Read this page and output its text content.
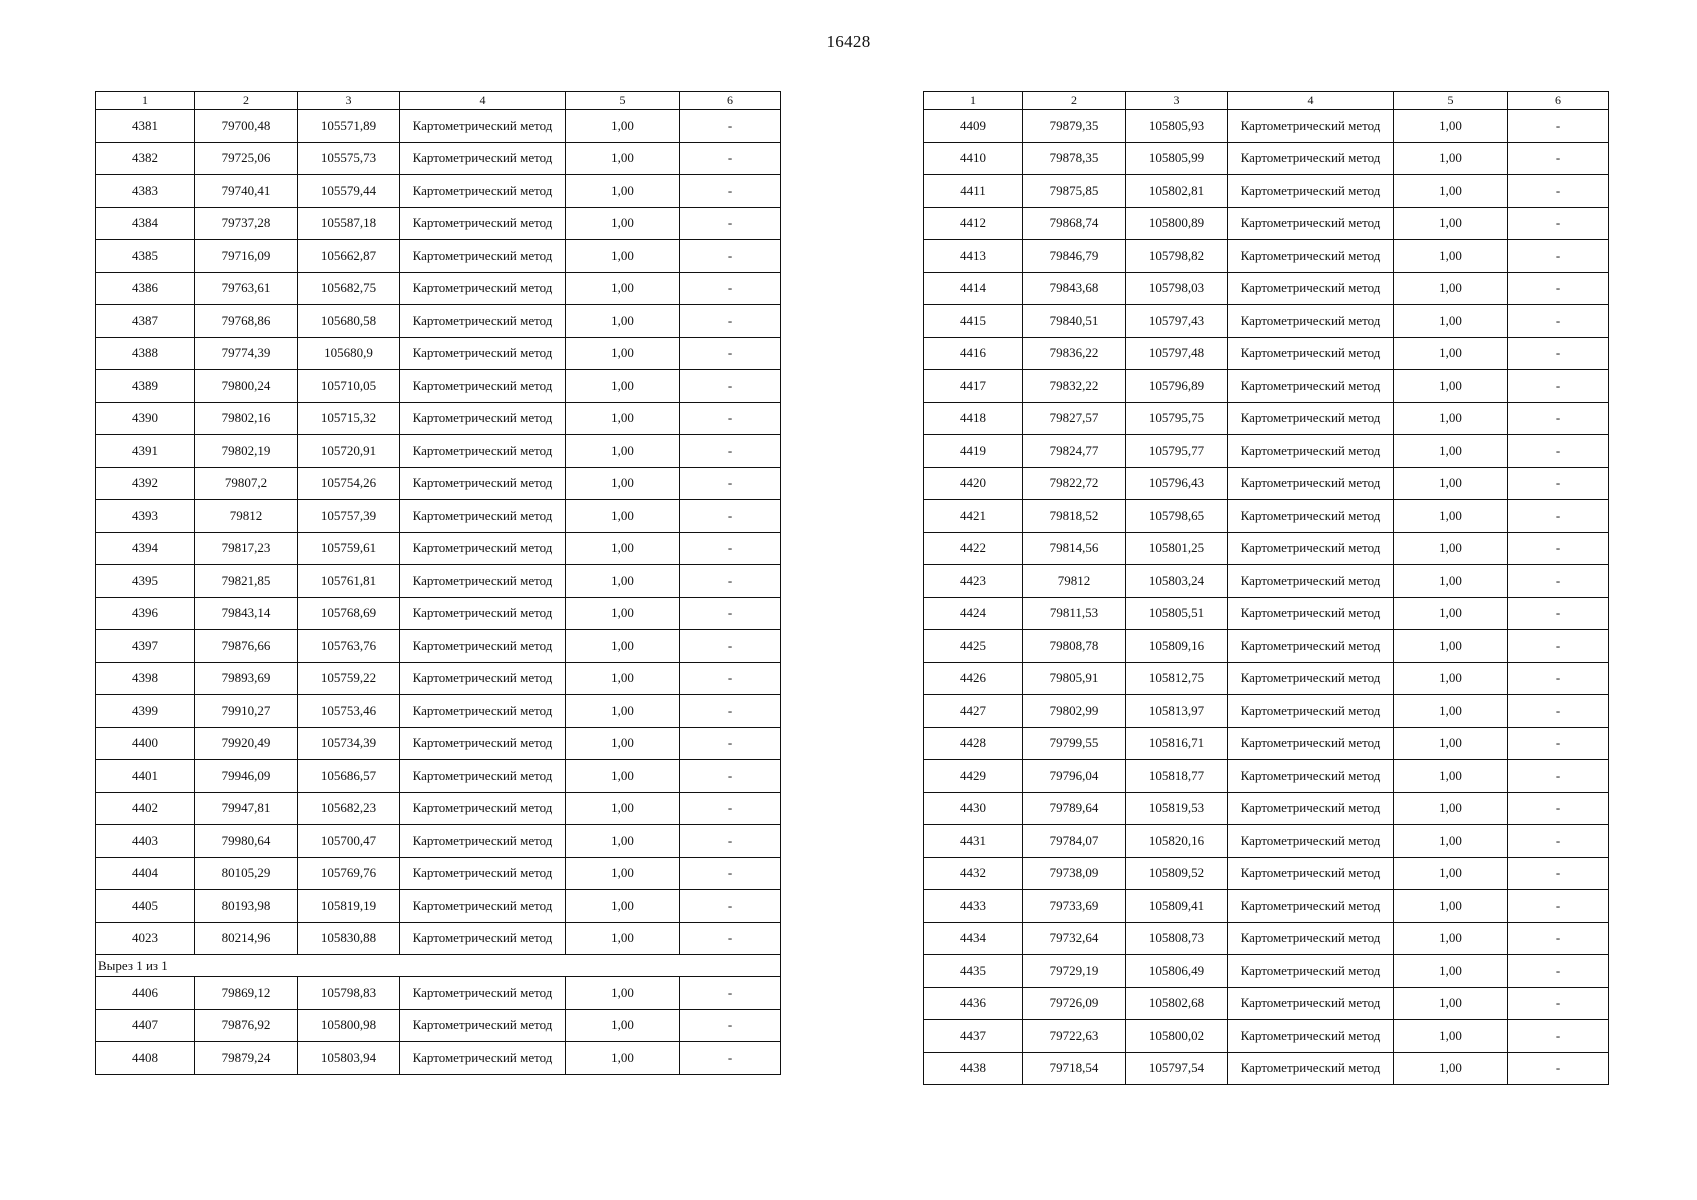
16428
1	2	3	4	5	6
4381	79700,48	105571,89	Картометрический метод	1,00	-
4382	79725,06	105575,73	Картометрический метод	1,00	-
4383	79740,41	105579,44	Картометрический метод	1,00	-
4384	79737,28	105587,18	Картометрический метод	1,00	-
4385	79716,09	105662,87	Картометрический метод	1,00	-
4386	79763,61	105682,75	Картометрический метод	1,00	-
4387	79768,86	105680,58	Картометрический метод	1,00	-
4388	79774,39	105680,9	Картометрический метод	1,00	-
4389	79800,24	105710,05	Картометрический метод	1,00	-
4390	79802,16	105715,32	Картометрический метод	1,00	-
4391	79802,19	105720,91	Картометрический метод	1,00	-
4392	79807,2	105754,26	Картометрический метод	1,00	-
4393	79812	105757,39	Картометрический метод	1,00	-
4394	79817,23	105759,61	Картометрический метод	1,00	-
4395	79821,85	105761,81	Картометрический метод	1,00	-
4396	79843,14	105768,69	Картометрический метод	1,00	-
4397	79876,66	105763,76	Картометрический метод	1,00	-
4398	79893,69	105759,22	Картометрический метод	1,00	-
4399	79910,27	105753,46	Картометрический метод	1,00	-
4400	79920,49	105734,39	Картометрический метод	1,00	-
4401	79946,09	105686,57	Картометрический метод	1,00	-
4402	79947,81	105682,23	Картометрический метод	1,00	-
4403	79980,64	105700,47	Картометрический метод	1,00	-
4404	80105,29	105769,76	Картометрический метод	1,00	-
4405	80193,98	105819,19	Картометрический метод	1,00	-
4023	80214,96	105830,88	Картометрический метод	1,00	-
Вырез 1 из 1					
4406	79869,12	105798,83	Картометрический метод	1,00	-
4407	79876,92	105800,98	Картометрический метод	1,00	-
4408	79879,24	105803,94	Картометрический метод	1,00	-
1	2	3	4	5	6
4409	79879,35	105805,93	Картометрический метод	1,00	-
4410	79878,35	105805,99	Картометрический метод	1,00	-
4411	79875,85	105802,81	Картометрический метод	1,00	-
4412	79868,74	105800,89	Картометрический метод	1,00	-
4413	79846,79	105798,82	Картометрический метод	1,00	-
4414	79843,68	105798,03	Картометрический метод	1,00	-
4415	79840,51	105797,43	Картометрический метод	1,00	-
4416	79836,22	105797,48	Картометрический метод	1,00	-
4417	79832,22	105796,89	Картометрический метод	1,00	-
4418	79827,57	105795,75	Картометрический метод	1,00	-
4419	79824,77	105795,77	Картометрический метод	1,00	-
4420	79822,72	105796,43	Картометрический метод	1,00	-
4421	79818,52	105798,65	Картометрический метод	1,00	-
4422	79814,56	105801,25	Картометрический метод	1,00	-
4423	79812	105803,24	Картометрический метод	1,00	-
4424	79811,53	105805,51	Картометрический метод	1,00	-
4425	79808,78	105809,16	Картометрический метод	1,00	-
4426	79805,91	105812,75	Картометрический метод	1,00	-
4427	79802,99	105813,97	Картометрический метод	1,00	-
4428	79799,55	105816,71	Картометрический метод	1,00	-
4429	79796,04	105818,77	Картометрический метод	1,00	-
4430	79789,64	105819,53	Картометрический метод	1,00	-
4431	79784,07	105820,16	Картометрический метод	1,00	-
4432	79738,09	105809,52	Картометрический метод	1,00	-
4433	79733,69	105809,41	Картометрический метод	1,00	-
4434	79732,64	105808,73	Картометрический метод	1,00	-
4435	79729,19	105806,49	Картометрический метод	1,00	-
4436	79726,09	105802,68	Картометрический метод	1,00	-
4437	79722,63	105800,02	Картометрический метод	1,00	-
4438	79718,54	105797,54	Картометрический метод	1,00	-
